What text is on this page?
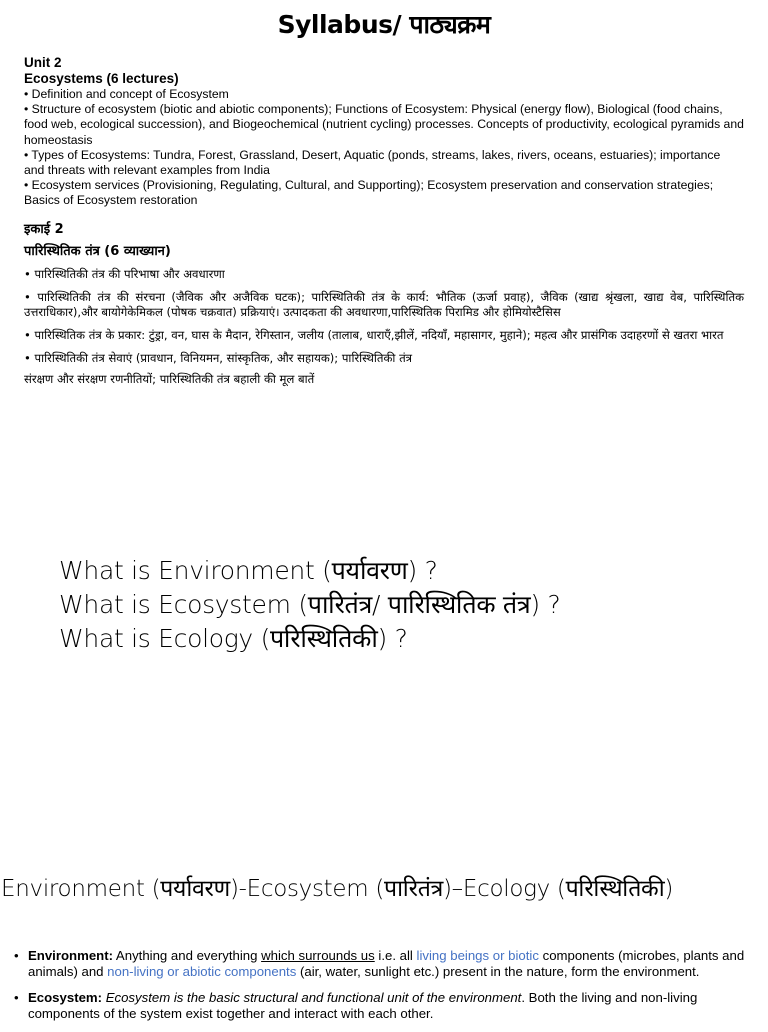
Syllabus/ पाठ्यक्रम

Unit 2

Ecosystems (6 lectures)

• Definition and concept of Ecosystem

• Structure of ecosystem (biotic and abiotic components); Functions of Ecosystem: Physical (energy flow), Biological (food chains, food web, ecological succession), and Biogeochemical (nutrient cycling) processes. Concepts of productivity, ecological pyramids and homeostasis

• Types of Ecosystems: Tundra, Forest, Grassland, Desert, Aquatic (ponds, streams, lakes, rivers, oceans, estuaries); importance and threats with relevant examples from India

• Ecosystem services (Provisioning, Regulating, Cultural, and Supporting); Ecosystem preservation and conservation strategies; Basics of Ecosystem restoration

इकाई 2

पारिस्थितिक तंत्र (6 व्याख्यान)

• पारिस्थितिकी तंत्र की परिभाषा और अवधारणा

• पारिस्थितिकी तंत्र की संरचना (जैविक और अजैविक घटक); पारिस्थितिकी तंत्र के कार्य: भौतिक (ऊर्जा प्रवाह), जैविक (खाद्य श्रृंखला, खाद्य वेब, पारिस्थितिक उत्तराधिकार),और बायोगेकेमिकल (पोषक चक्रवात) प्रक्रियाएं। उत्पादकता की अवधारणा,पारिस्थितिक पिरामिड और होमियोस्टैसिस

• पारिस्थितिक तंत्र के प्रकार: टुंड्रा, वन, घास के मैदान, रेगिस्तान, जलीय (तालाब, धाराएँ,झीलें, नदियाँ, महासागर, मुहाने); महत्व और प्रासंगिक उदाहरणों से खतरा भारत

• पारिस्थितिकी तंत्र सेवाएं (प्रावधान, विनियमन, सांस्कृतिक, और सहायक); पारिस्थितिकी तंत्र

संरक्षण और संरक्षण रणनीतियों; पारिस्थितिकी तंत्र बहाली की मूल बातें

What is Environment (पर्यावरण) ?
What is Ecosystem (पारितंत्र/ पारिस्थितिक तंत्र) ?
What is Ecology (परिस्थितिकी) ?
Environment (पर्यावरण)-Ecosystem (पारितंत्र)–Ecology (परिस्थितिकी)
• Environment: Anything and everything which surrounds us i.e. all living beings or biotic components (microbes, plants and animals) and non-living or abiotic components (air, water, sunlight etc.) present in the nature, form the environment.
• Ecosystem: Ecosystem is the basic structural and functional unit of the environment. Both the living and non-living components of the system exist together and interact with each other.
